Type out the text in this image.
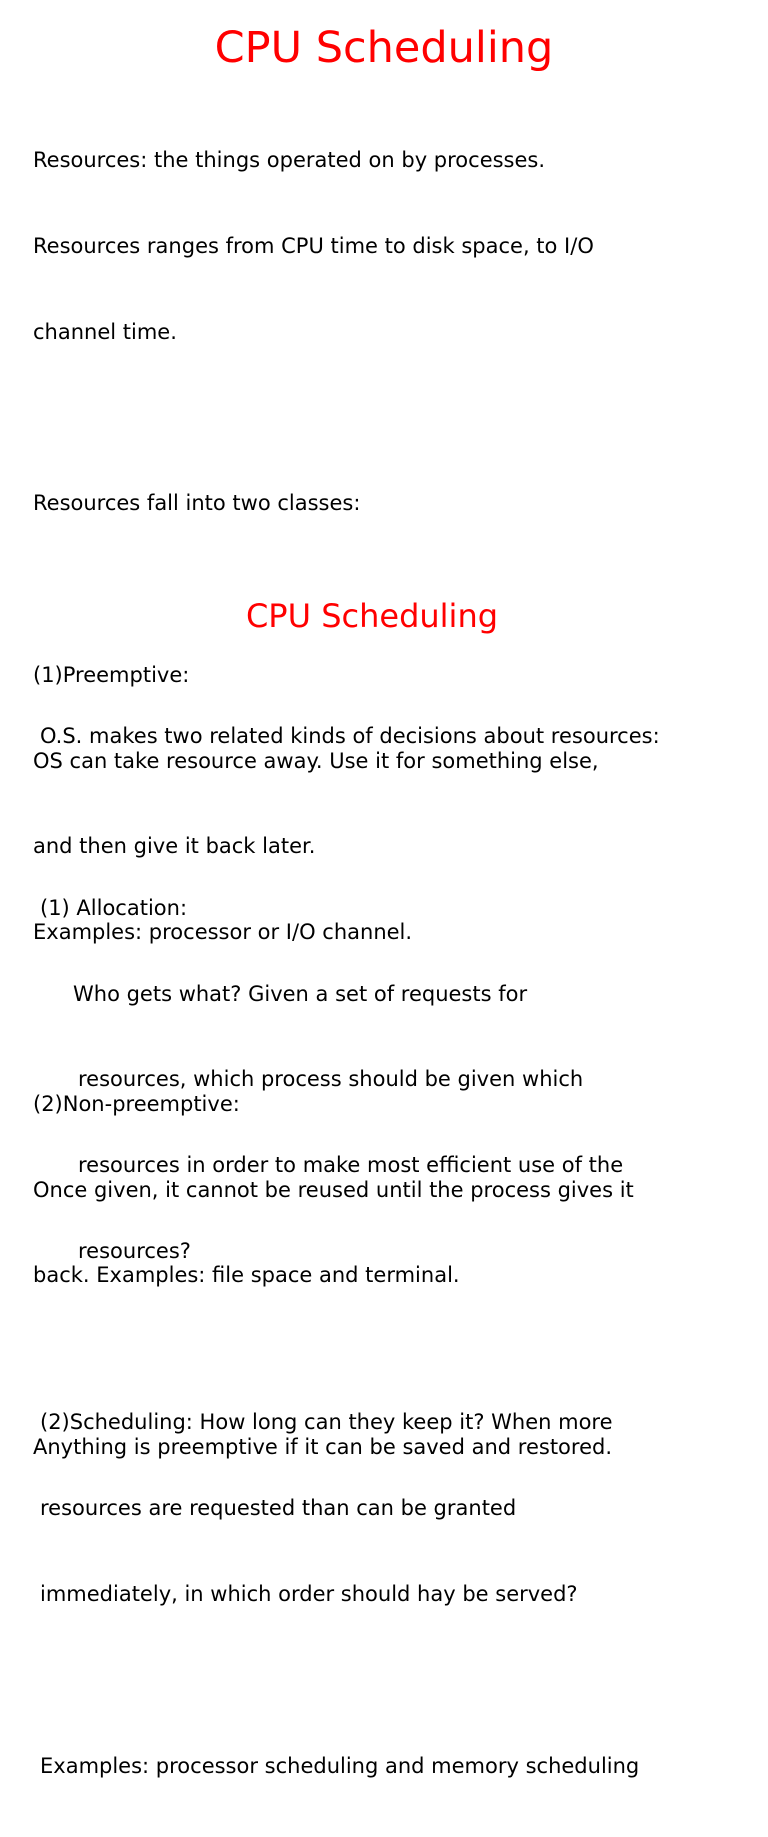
CPU Scheduling

Resources: the things operated on by processes.

Resources ranges from CPU time to disk space, to I/O

channel time.

Resources fall into two classes:

(1)Preemptive:

OS can take resource away. Use it for something else,

and then give it back later.

Examples: processor or I/O channel.

(2)Non-preemptive:

Once given, it cannot be reused until the process gives it

back. Examples: file space and terminal.

Anything is preemptive if it can be saved and restored.

CPU Scheduling

O.S. makes two related kinds of decisions about resources:

(1) Allocation:

Who gets what? Given a set of requests for

resources, which process should be given which

resources in order to make most efficient use of the

resources?

(2)Scheduling: How long can they keep it? When more

resources are requested than can be granted

immediately, in which order should hay be served?

Examples: processor scheduling and memory scheduling
